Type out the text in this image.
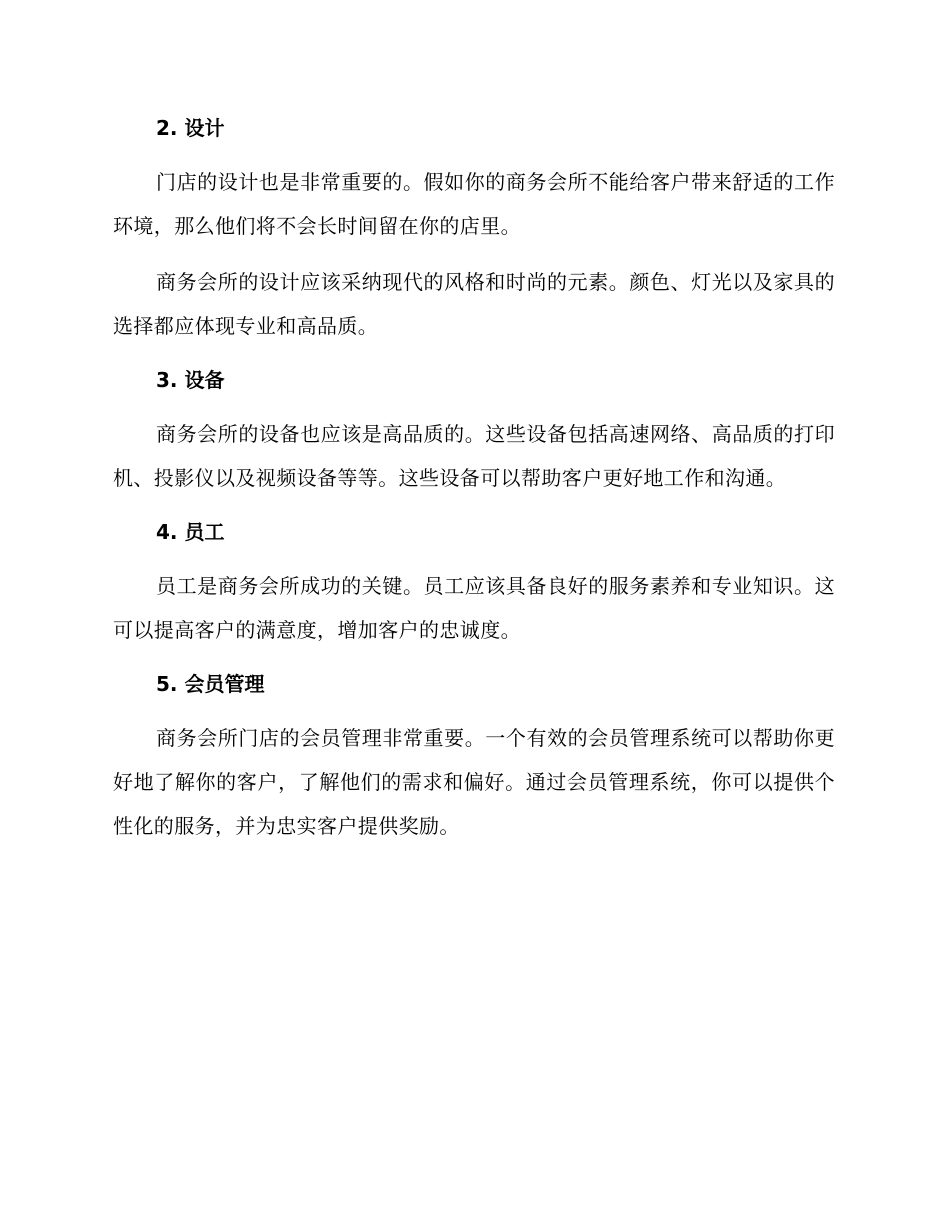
2. 设计

门店的设计也是非常重要的。假如你的商务会所不能给客户带来舒适的工作环境，那么他们将不会长时间留在你的店里。

商务会所的设计应该采纳现代的风格和时尚的元素。颜色、灯光以及家具的选择都应体现专业和高品质。

3. 设备

商务会所的设备也应该是高品质的。这些设备包括高速网络、高品质的打印机、投影仪以及视频设备等等。这些设备可以帮助客户更好地工作和沟通。

4. 员工

员工是商务会所成功的关键。员工应该具备良好的服务素养和专业知识。这可以提高客户的满意度，增加客户的忠诚度。

5. 会员管理

商务会所门店的会员管理非常重要。一个有效的会员管理系统可以帮助你更好地了解你的客户，了解他们的需求和偏好。通过会员管理系统，你可以提供个性化的服务，并为忠实客户提供奖励。
